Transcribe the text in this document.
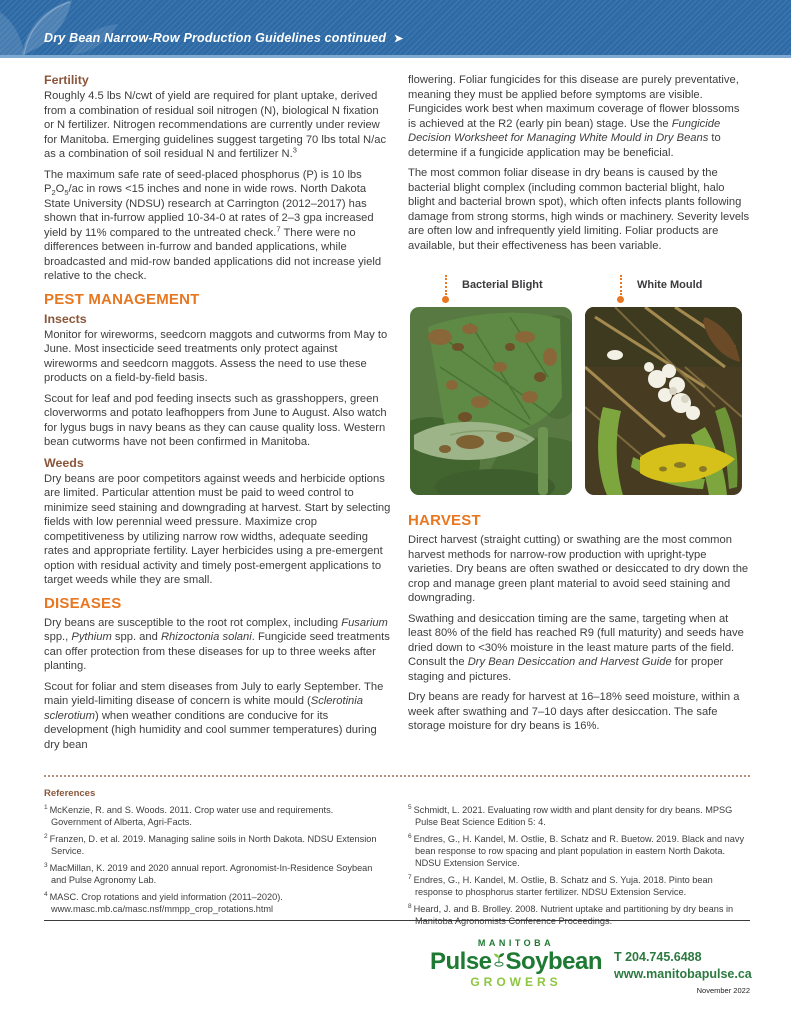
Dry Bean Narrow-Row Production Guidelines continued ➤
Fertility

Roughly 4.5 lbs N/cwt of yield are required for plant uptake, derived from a combination of residual soil nitrogen (N), biological N fixation or N fertilizer. Nitrogen recommendations are currently under review for Manitoba. Emerging guidelines suggest targeting 70 lbs total N/ac as a combination of soil residual N and fertilizer N.$^3$

The maximum safe rate of seed-placed phosphorus (P) is 10 lbs $P_2O_5/ac$ in rows <15 inches and none in wide rows. North Dakota State University (NDSU) research at Carrington (2012–2017) has shown that in-furrow applied 10-34-0 at rates of 2–3 gpa increased yield by 11% compared to the untreated check.$^7$ There were no differences between in-furrow and banded applications, while broadcasted and mid-row banded applications did not increase yield relative to the check.

PEST MANAGEMENT
Insects

Monitor for wireworms, seedcorn maggots and cutworms from May to June. Most insecticide seed treatments only protect against wireworms and seedcorn maggots. Assess the need to use these products on a field-by-field basis.

Scout for leaf and pod feeding insects such as grasshoppers, green cloverworms and potato leafhoppers from June to August. Also watch for lygus bugs in navy beans as they can cause quality loss. Western bean cutworms have not been confirmed in Manitoba.

Weeds

Dry beans are poor competitors against weeds and herbicide options are limited. Particular attention must be paid to weed control to minimize seed staining and downgrading at harvest. Start by selecting fields with low perennial weed pressure. Maximize crop competitiveness by utilizing narrow row widths, adequate seeding rates and appropriate fertility. Layer herbicides using a pre-emergent option with residual activity and timely post-emergent applications to target weeds while they are small.

DISEASES

Dry beans are susceptible to the root rot complex, including Fusarium spp., Pythium spp. and Rhizoctonia solani. Fungicide seed treatments can offer protection from these diseases for up to three weeks after planting.

Scout for foliar and stem diseases from July to early September. The main yield-limiting disease of concern is white mould (Sclerotinia sclerotium) when weather conditions are conducive for its development (high humidity and cool summer temperatures) during dry bean

flowering. Foliar fungicides for this disease are purely preventative, meaning they must be applied before symptoms are visible. Fungicides work best when maximum coverage of flower blossoms is achieved at the R2 (early pin bean) stage. Use the Fungicide Decision Worksheet for Managing White Mould in Dry Beans to determine if a fungicide application may be beneficial.

The most common foliar disease in dry beans is caused by the bacterial blight complex (including common bacterial blight, halo blight and bacterial brown spot), which often infects plants following damage from strong storms, high winds or machinery. Severity levels are often low and infrequently yield limiting. Foliar products are available, but their effectiveness has been variable.

Bacterial Blight	White Mould
HARVEST

Direct harvest (straight cutting) or swathing are the most common harvest methods for narrow-row production with upright-type varieties. Dry beans are often swathed or desiccated to dry down the crop and manage green plant material to avoid seed staining and downgrading.

Swathing and desiccation timing are the same, targeting when at least 80% of the field has reached R9 (full maturity) and seeds have dried down to <30% moisture in the least mature parts of the field. Consult the Dry Bean Desiccation and Harvest Guide for proper staging and pictures.

Dry beans are ready for harvest at 16–18% seed moisture, within a week after swathing and 7–10 days after desiccation. The safe storage moisture for dry beans is 16%.

References

$^1$ McKenzie, R. and S. Woods. 2011. Crop water use and requirements. Government of Alberta, Agri-Facts.

$^2$ Franzen, D. et al. 2019. Managing saline soils in North Dakota. NDSU Extension Service.

$^3$ MacMillan, K. 2019 and 2020 annual report. Agronomist-In-Residence Soybean and Pulse Agronomy Lab.

$^4$ MASC. Crop rotations and yield information (2011–2020). www.masc.mb.ca/masc.nsf/mmpp_crop_rotations.html

$^5$ Schmidt, L. 2021. Evaluating row width and plant density for dry beans. MPSG Pulse Beat Science Edition 5: 4.

$^6$ Endres, G., H. Kandel, M. Ostlie, B. Schatz and R. Buetow. 2019. Black and navy bean response to row spacing and plant population in eastern North Dakota. NDSU Extension Service.

$^7$ Endres, G., H. Kandel, M. Ostlie, B. Schatz and S. Yuja. 2018. Pinto bean response to phosphorus starter fertilizer. NDSU Extension Service.

$^8$ Heard, J. and B. Brolley. 2008. Nutrient uptake and partitioning by dry beans in Manitoba Agronomists Conference Proceedings.

MANITOBA
Pulse Soybean
GROWERS
T 204.745.6488
www.manitobapulse.ca
November 2022
